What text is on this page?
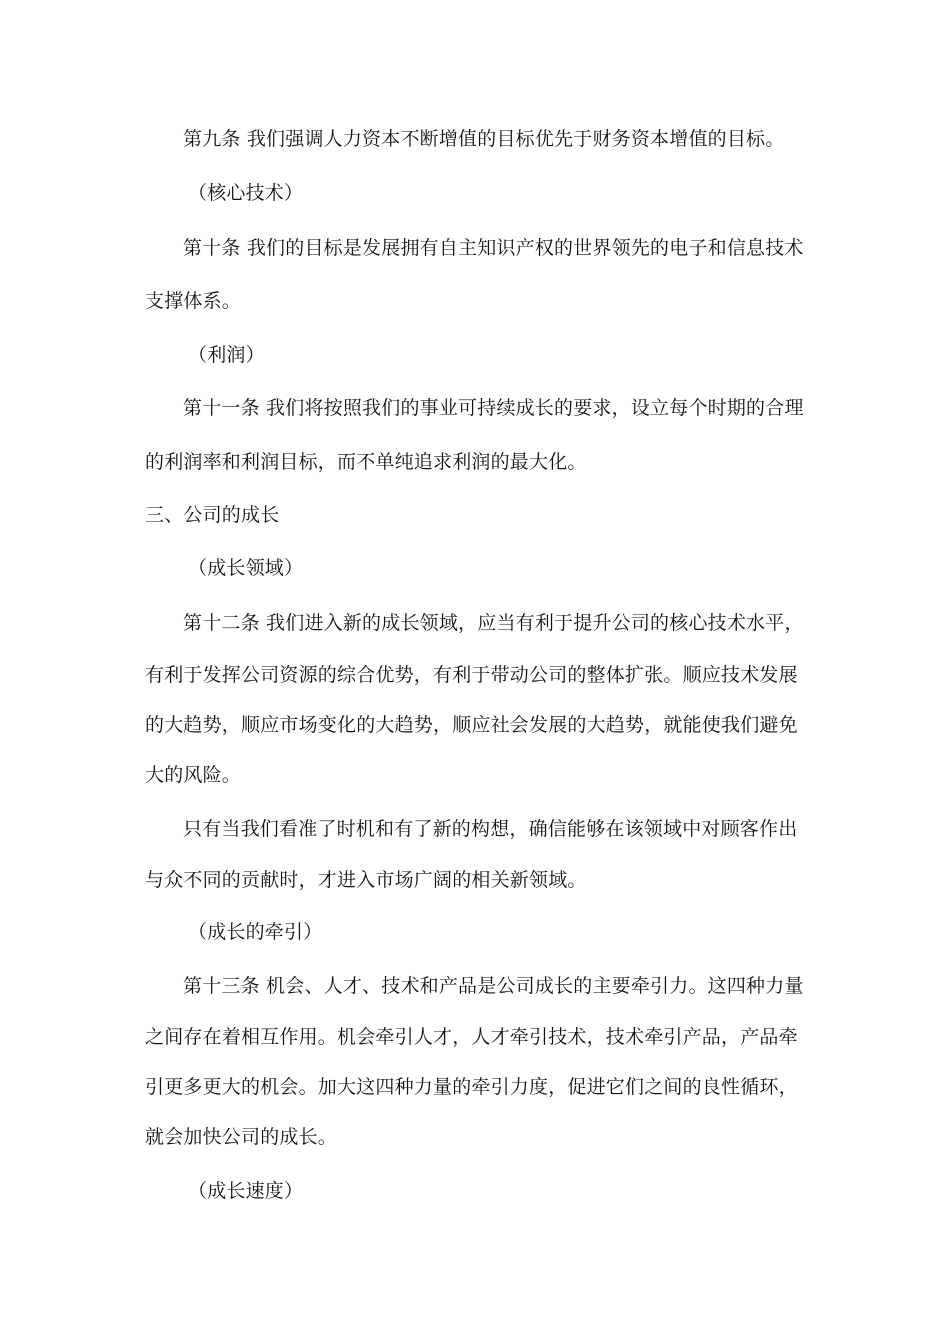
第九条 我们强调人力资本不断增值的目标优先于财务资本增值的目标。
（核心技术）
第十条 我们的目标是发展拥有自主知识产权的世界领先的电子和信息技术
支撑体系。
（利润）
第十一条 我们将按照我们的事业可持续成长的要求，设立每个时期的合理
的利润率和利润目标，而不单纯追求利润的最大化。
三、公司的成长
（成长领域）
第十二条 我们进入新的成长领域，应当有利于提升公司的核心技术水平，
有利于发挥公司资源的综合优势，有利于带动公司的整体扩张。顺应技术发展
的大趋势，顺应市场变化的大趋势，顺应社会发展的大趋势，就能使我们避免
大的风险。
只有当我们看准了时机和有了新的构想，确信能够在该领域中对顾客作出
与众不同的贡献时，才进入市场广阔的相关新领域。
（成长的牵引）
第十三条 机会、人才、技术和产品是公司成长的主要牵引力。这四种力量
之间存在着相互作用。机会牵引人才，人才牵引技术，技术牵引产品，产品牵
引更多更大的机会。加大这四种力量的牵引力度，促进它们之间的良性循环，
就会加快公司的成长。
（成长速度）
